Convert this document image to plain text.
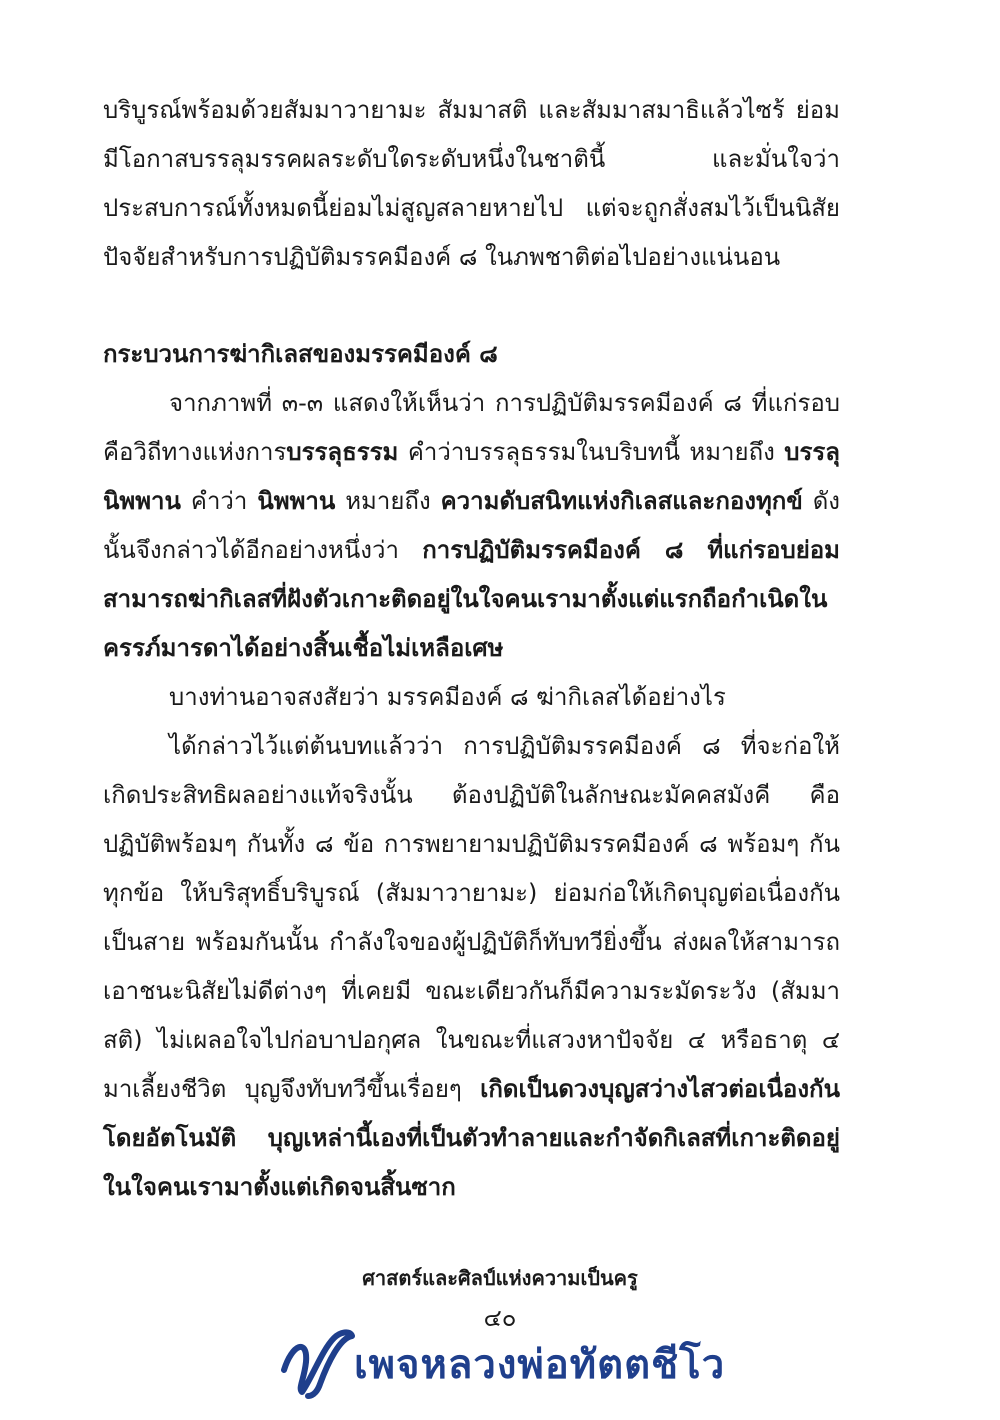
บริบูรณ์พร้อมด้วยสัมมาวายามะ สัมมาสติ และสัมมาสมาธิแล้วไซร้ ย่อมมีโอกาสบรรลุมรรคผลระดับใดระดับหนึ่งในชาตินี้ และมั่นใจว่า ประสบการณ์ทั้งหมดนี้ย่อมไม่สูญสลายหายไป แต่จะถูกสั่งสมไว้เป็นนิสัย ปัจจัยสำหรับการปฏิบัติมรรคมีองค์ ๘ ในภพชาติต่อไปอย่างแน่นอน

กระบวนการฆ่ากิเลสของมรรคมีองค์ ๘

จากภาพที่ ๓-๓ แสดงให้เห็นว่า การปฏิบัติมรรคมีองค์ ๘ ที่แก่รอบ คือวิถีทางแห่งการบรรลุธรรม คำว่าบรรลุธรรมในบริบทนี้ หมายถึง บรรลุนิพพาน คำว่า นิพพาน หมายถึง ความดับสนิทแห่งกิเลสและกองทุกข์ ดังนั้นจึงกล่าวได้อีกอย่างหนึ่งว่า การปฏิบัติมรรคมีองค์ ๘ ที่แก่รอบย่อมสามารถฆ่ากิเลสที่ฝังตัวเกาะติดอยู่ในใจคนเรามาตั้งแต่แรกถือกำเนิดในครรภ์มารดาได้อย่างสิ้นเชื้อไม่เหลือเศษ

บางท่านอาจสงสัยว่า มรรคมีองค์ ๘ ฆ่ากิเลสได้อย่างไร

ได้กล่าวไว้แต่ต้นบทแล้วว่า การปฏิบัติมรรคมีองค์ ๘ ที่จะก่อให้เกิดประสิทธิผลอย่างแท้จริงนั้น ต้องปฏิบัติในลักษณะมัคคสมังคี คือ ปฏิบัติพร้อมๆ กันทั้ง ๘ ข้อ การพยายามปฏิบัติมรรคมีองค์ ๘ พร้อมๆ กันทุกข้อ ให้บริสุทธิ์บริบูรณ์ (สัมมาวายามะ) ย่อมก่อให้เกิดบุญต่อเนื่องกันเป็นสาย พร้อมกันนั้น กำลังใจของผู้ปฏิบัติก็ทับทวียิ่งขึ้น ส่งผลให้สามารถเอาชนะนิสัยไม่ดีต่างๆ ที่เคยมี ขณะเดียวกันก็มีความระมัดระวัง (สัมมาสติ) ไม่เผลอใจไปก่อบาปอกุศล ในขณะที่แสวงหาปัจจัย ๔ หรือธาตุ ๔ มาเลี้ยงชีวิต บุญจึงทับทวีขึ้นเรื่อยๆ เกิดเป็นดวงบุญสว่างไสวต่อเนื่องกันโดยอัตโนมัติ บุญเหล่านี้เองที่เป็นตัวทำลายและกำจัดกิเลสที่เกาะติดอยู่ในใจคนเรามาตั้งแต่เกิดจนสิ้นซาก

ศาสตร์และศิลป์แห่งความเป็นครู
๔๐
เพจหลวงพ่อทัตตชีโว
